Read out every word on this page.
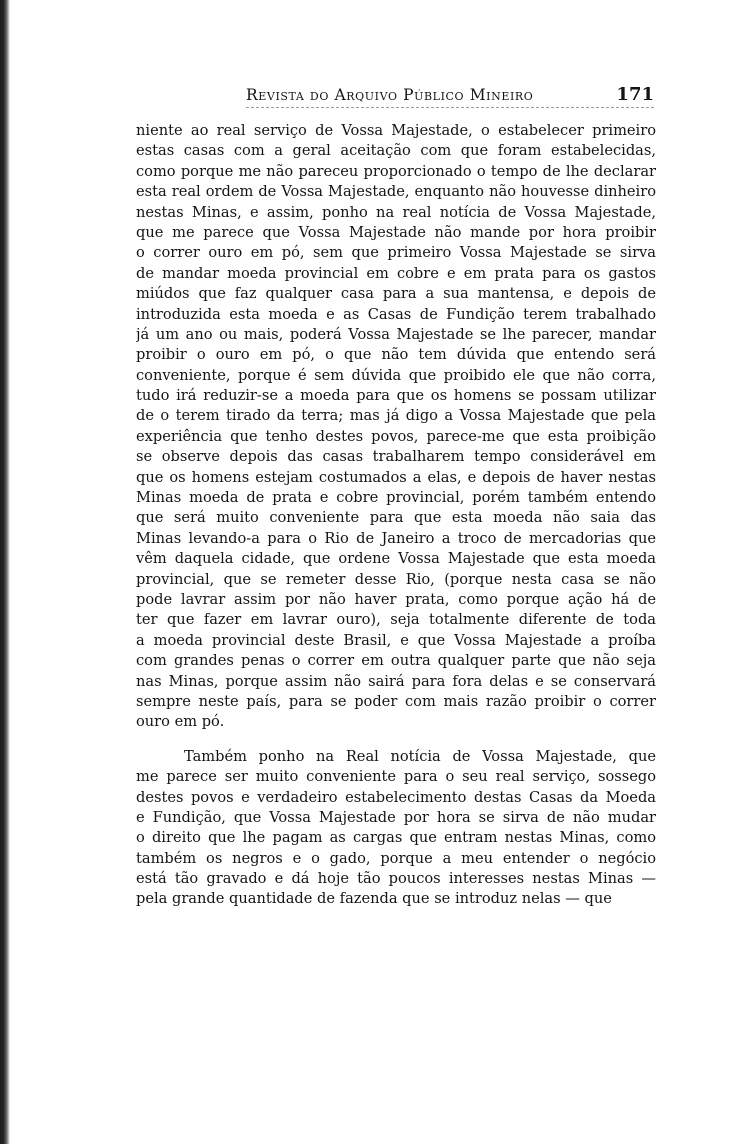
Revista do Arquivo Público Mineiro	171
niente ao real serviço de Vossa Majestade, o estabelecer primeiro
estas casas com a geral aceitação com que foram estabelecidas,
como porque me não pareceu proporcionado o tempo de lhe declarar
esta real ordem de Vossa Majestade, enquanto não houvesse dinheiro
nestas Minas, e assim, ponho na real notícia de Vossa Majestade,
que me parece que Vossa Majestade não mande por hora proibir
o correr ouro em pó, sem que primeiro Vossa Majestade se sirva
de mandar moeda provincial em cobre e em prata para os gastos
miúdos que faz qualquer casa para a sua mantensa, e depois de
introduzida esta moeda e as Casas de Fundição terem trabalhado
já um ano ou mais, poderá Vossa Majestade se lhe parecer, mandar
proibir o ouro em pó, o que não tem dúvida que entendo será
conveniente, porque é sem dúvida que proibido ele que não corra,
tudo irá reduzir-se a moeda para que os homens se possam utilizar
de o terem tirado da terra; mas já digo a Vossa Majestade que pela
experiência que tenho destes povos, parece-me que esta proibição
se observe depois das casas trabalharem tempo considerável em
que os homens estejam costumados a elas, e depois de haver nestas
Minas moeda de prata e cobre provincial, porém também entendo
que será muito conveniente para que esta moeda não saia das
Minas levando-a para o Rio de Janeiro a troco de mercadorias que
vêm daquela cidade, que ordene Vossa Majestade que esta moeda
provincial, que se remeter desse Rio, (porque nesta casa se não
pode lavrar assim por não haver prata, como porque ação há de
ter que fazer em lavrar ouro), seja totalmente diferente de toda
a moeda provincial deste Brasil, e que Vossa Majestade a proíba
com grandes penas o correr em outra qualquer parte que não seja
nas Minas, porque assim não sairá para fora delas e se conservará
sempre neste país, para se poder com mais razão proibir o correr
ouro em pó.
Também ponho na Real notícia de Vossa Majestade, que
me parece ser muito conveniente para o seu real serviço, sossego
destes povos e verdadeiro estabelecimento destas Casas da Moeda
e Fundição, que Vossa Majestade por hora se sirva de não mudar
o direito que lhe pagam as cargas que entram nestas Minas, como
também os negros e o gado, porque a meu entender o negócio
está tão gravado e dá hoje tão poucos interesses nestas Minas —
pela grande quantidade de fazenda que se introduz nelas — que
